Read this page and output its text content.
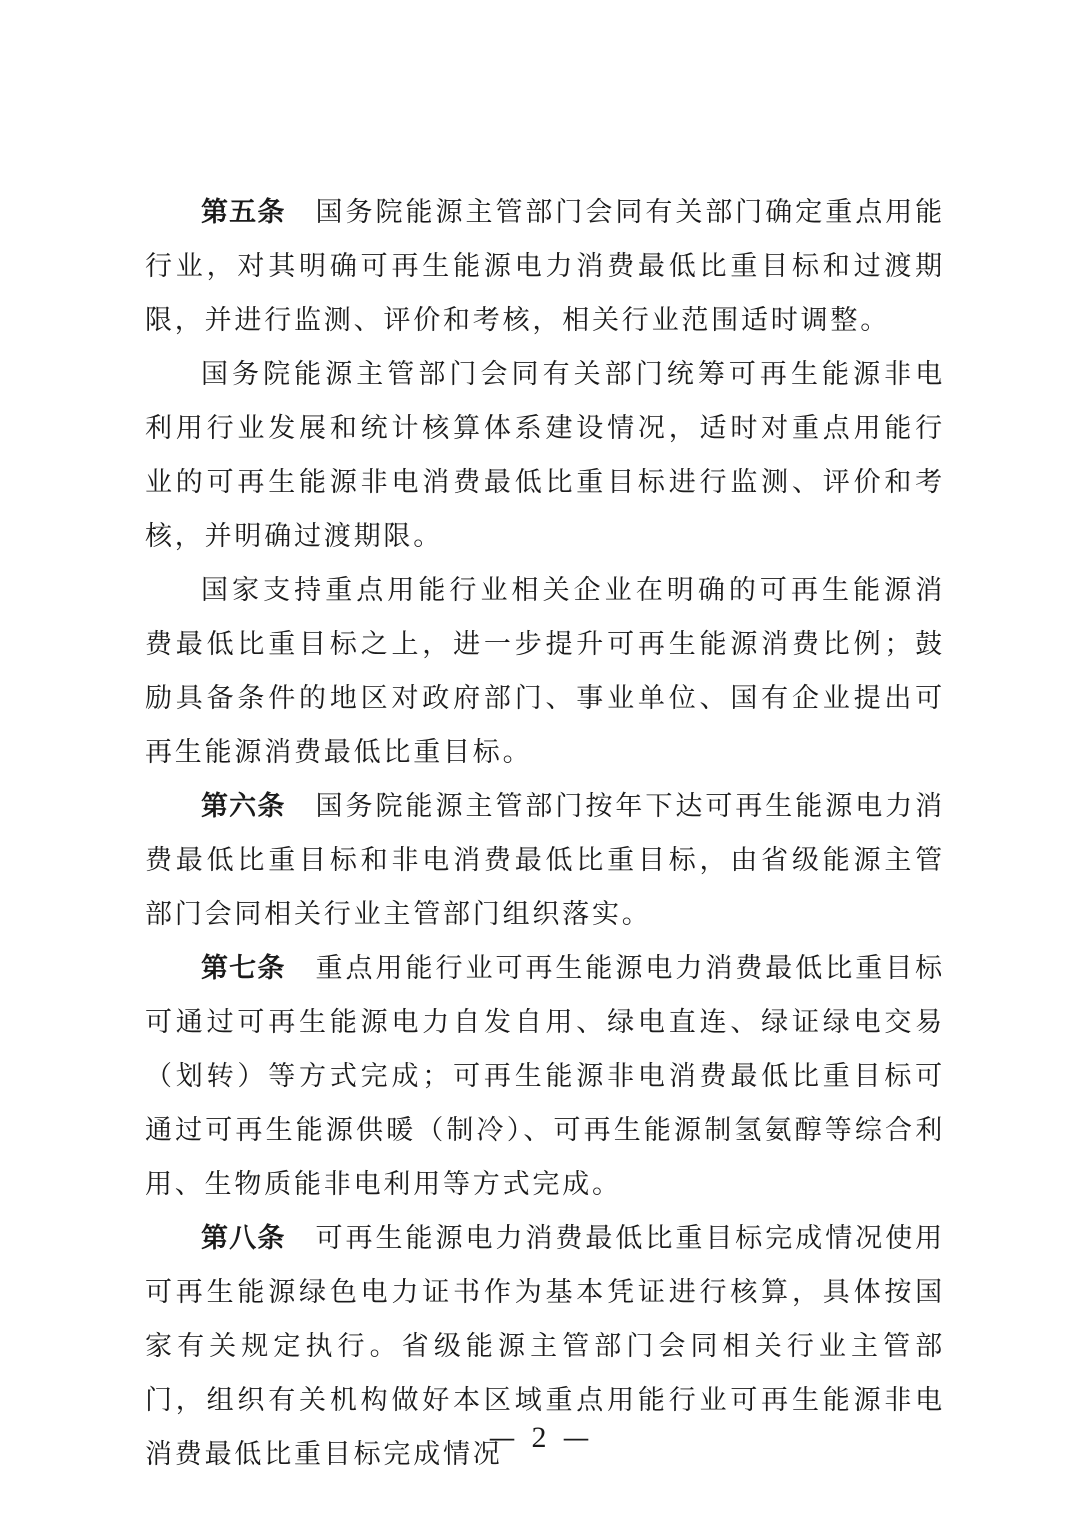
第五条 国务院能源主管部门会同有关部门确定重点用能行业，对其明确可再生能源电力消费最低比重目标和过渡期限，并进行监测、评价和考核，相关行业范围适时调整。

国务院能源主管部门会同有关部门统筹可再生能源非电利用行业发展和统计核算体系建设情况，适时对重点用能行业的可再生能源非电消费最低比重目标进行监测、评价和考核，并明确过渡期限。

国家支持重点用能行业相关企业在明确的可再生能源消费最低比重目标之上，进一步提升可再生能源消费比例；鼓励具备条件的地区对政府部门、事业单位、国有企业提出可再生能源消费最低比重目标。

第六条 国务院能源主管部门按年下达可再生能源电力消费最低比重目标和非电消费最低比重目标，由省级能源主管部门会同相关行业主管部门组织落实。

第七条 重点用能行业可再生能源电力消费最低比重目标可通过可再生能源电力自发自用、绿电直连、绿证绿电交易（划转）等方式完成；可再生能源非电消费最低比重目标可通过可再生能源供暖（制冷）、可再生能源制氢氨醇等综合利用、生物质能非电利用等方式完成。

第八条 可再生能源电力消费最低比重目标完成情况使用可再生能源绿色电力证书作为基本凭证进行核算，具体按国家有关规定执行。省级能源主管部门会同相关行业主管部门，组织有关机构做好本区域重点用能行业可再生能源非电消费最低比重目标完成情况

— 2 —
